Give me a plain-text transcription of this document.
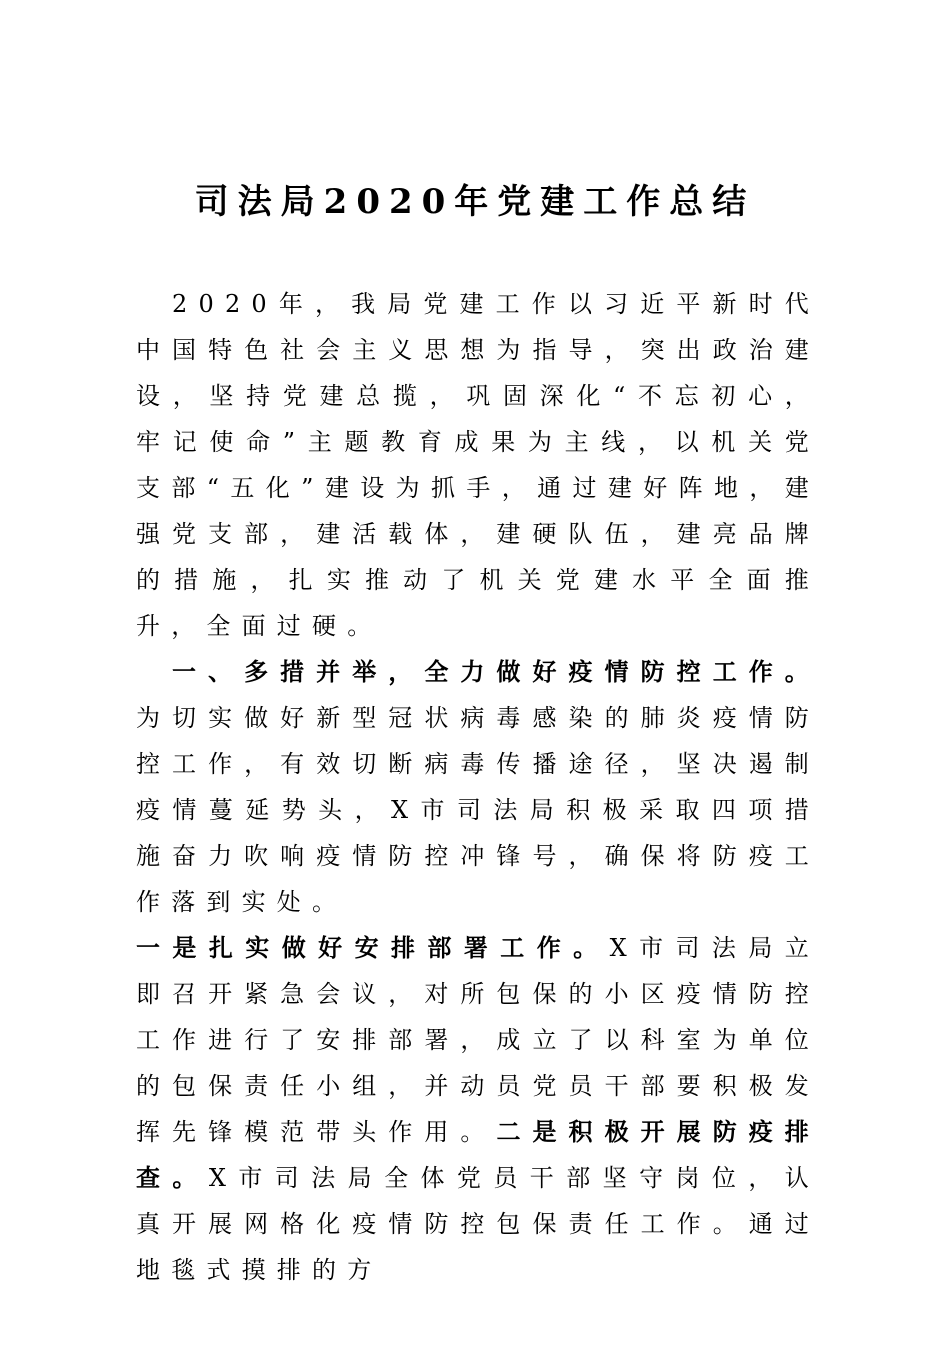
司法局2020年党建工作总结

2020年，我局党建工作以习近平新时代中国特色社会主义思想为指导，突出政治建设，坚持党建总揽，巩固深化“不忘初心，牢记使命”主题教育成果为主线，以机关党支部“五化”建设为抓手，通过建好阵地，建强党支部，建活载体，建硬队伍，建亮品牌的措施，扎实推动了机关党建水平全面推升，全面过硬。

一、多措并举，全力做好疫情防控工作。为切实做好新型冠状病毒感染的肺炎疫情防控工作，有效切断病毒传播途径，坚决遏制疫情蔓延势头，X市司法局积极采取四项措施奋力吹响疫情防控冲锋号，确保将防疫工作落到实处。

一是扎实做好安排部署工作。X市司法局立即召开紧急会议，对所包保的小区疫情防控工作进行了安排部署，成立了以科室为单位的包保责任小组，并动员党员干部要积极发挥先锋模范带头作用。二是积极开展防疫排查。X市司法局全体党员干部坚守岗位，认真开展网格化疫情防控包保责任工作。通过地毯式摸排的方
